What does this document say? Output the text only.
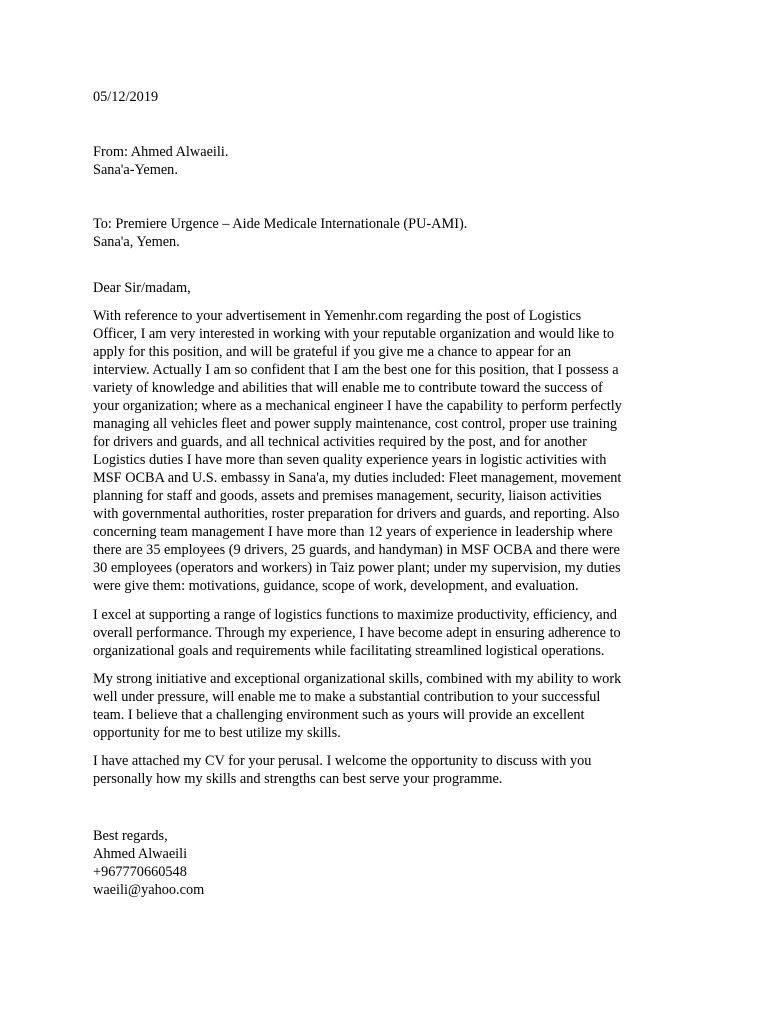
05/12/2019
From: Ahmed Alwaeili.
Sana'a-Yemen.
To: Premiere Urgence – Aide Medicale Internationale (PU-AMI).
Sana'a, Yemen.
Dear Sir/madam,
With reference to your advertisement in Yemenhr.com regarding the post of Logistics
Officer, I am very interested in working with your reputable organization and would like to
apply for this position, and will be grateful if you give me a chance to appear for an
interview. Actually I am so confident that I am the best one for this position, that I possess a
variety of knowledge and abilities that will enable me to contribute toward the success of
your organization; where as a mechanical engineer I have the capability to perform perfectly
managing all vehicles fleet and power supply maintenance, cost control, proper use training
for drivers and guards, and all technical activities required by the post, and for another
Logistics duties I have more than seven quality experience years in logistic activities with
MSF OCBA and U.S. embassy in Sana'a, my duties included: Fleet management, movement
planning for staff and goods, assets and premises management, security, liaison activities
with governmental authorities, roster preparation for drivers and guards, and reporting. Also
concerning team management I have more than 12 years of experience in leadership where
there are 35 employees (9 drivers, 25 guards, and handyman) in MSF OCBA and there were
30 employees (operators and workers) in Taiz power plant; under my supervision, my duties
were give them: motivations, guidance, scope of work, development, and evaluation.
I excel at supporting a range of logistics functions to maximize productivity, efficiency, and
overall performance. Through my experience, I have become adept in ensuring adherence to
organizational goals and requirements while facilitating streamlined logistical operations.
My strong initiative and exceptional organizational skills, combined with my ability to work
well under pressure, will enable me to make a substantial contribution to your successful
team. I believe that a challenging environment such as yours will provide an excellent
opportunity for me to best utilize my skills.
I have attached my CV for your perusal. I welcome the opportunity to discuss with you
personally how my skills and strengths can best serve your programme.
Best regards,
Ahmed Alwaeili
+967770660548
waeili@yahoo.com
